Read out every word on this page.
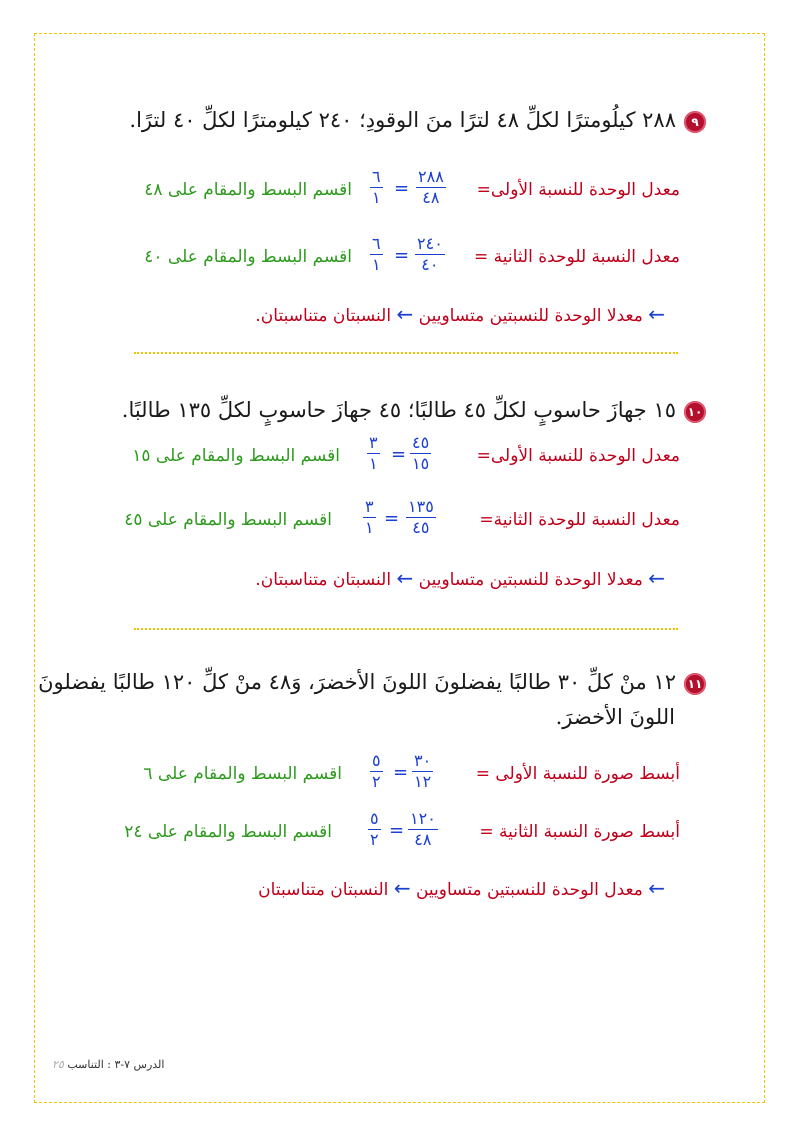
٩٢٨٨ كيلُومترًا لكلِّ ٤٨ لترًا منَ الوقودِ؛ ٢٤٠ كيلومترًا لكلِّ ٤٠ لترًا.
معدل الوحدة للنسبة الأولى=
٢٨٨
٤٨
=
٦
١
اقسم البسط والمقام على ٤٨
معدل النسبة للوحدة الثانية =
٢٤٠
٤٠
=
٦
١
اقسم البسط والمقام على ٤٠
← معدلا الوحدة للنسبتين متساويين ← النسبتان متناسبتان.
١٠١٥ جهازَ حاسوبٍ لكلِّ ٤٥ طالبًا؛ ٤٥ جهازَ حاسوبٍ لكلِّ ١٣٥ طالبًا.
معدل الوحدة للنسبة الأولى=
٤٥
١٥
=
٣
١
اقسم البسط والمقام على ١٥
معدل النسبة للوحدة الثانية=
١٣٥
٤٥
=
٣
١
اقسم البسط والمقام على ٤٥
← معدلا الوحدة للنسبتين متساويين ← النسبتان متناسبتان.
١١١٢ منْ كلِّ ٣٠ طالبًا يفضلونَ اللونَ الأخضرَ، وَ٤٨ منْ كلِّ ١٢٠ طالبًا يفضلونَ
اللونَ الأخضرَ.
أبسط صورة للنسبة الأولى =
٣٠
١٢
=
٥
٢
اقسم البسط والمقام على ٦
أبسط صورة النسبة الثانية =
١٢٠
٤٨
=
٥
٢
اقسم البسط والمقام على ٢٤
← معدل الوحدة للنسبتين متساويين ← النسبتان متناسبتان
الدرس ٧-٣ : التناسب ٢٥
